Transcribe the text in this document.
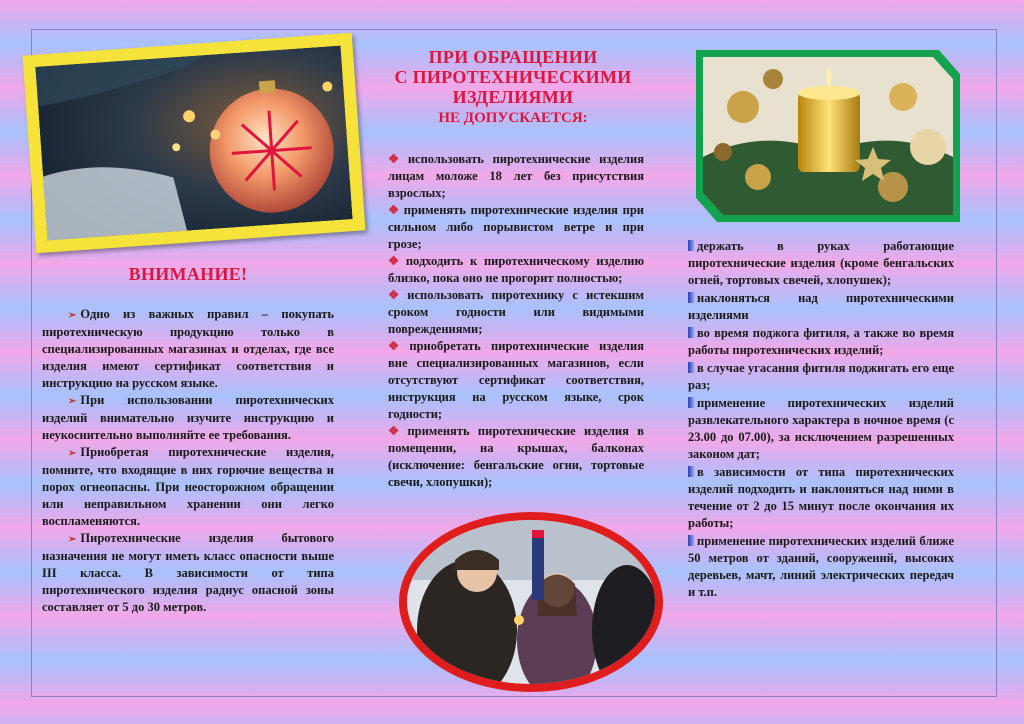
ВНИМАНИЕ!
➢ Одно из важных правил – покупать пиротехническую продукцию только в специализированных магазинах и отделах, где все изделия имеют сертификат соответствия и инструкцию на русском языке.
➢ При использовании пиротехнических изделий внимательно изучите инструкцию и неукоснительно выполняйте ее требования.
➢ Приобретая пиротехнические изделия, помните, что входящие в них горючие вещества и порох огнеопасны. При неосторожном обращении или неправильном хранении они легко воспламеняются.
➢ Пиротехнические изделия бытового назначения не могут иметь класс опасности выше III класса. В зависимости от типа пиротехнического изделия радиус опасной зоны составляет от 5 до 30 метров.
ПРИ ОБРАЩЕНИИ
С ПИРОТЕХНИЧЕСКИМИ
ИЗДЕЛИЯМИ
НЕ ДОПУСКАЕТСЯ:
❖ использовать пиротехнические изделия лицам моложе 18 лет без присутствия взрослых;
❖ применять пиротехнические изделия при сильном либо порывистом ветре и при грозе;
❖ подходить к пиротехническому изделию близко, пока оно не прогорит полностью;
❖ использовать пиротехнику с истекшим сроком годности или видимыми повреждениями;
❖ приобретать пиротехнические изделия вне специализированных магазинов, если отсутствуют сертификат соответствия, инструкция на русском языке, срок годности;
❖ применять пиротехнические изделия в помещении, на крышах, балконах (исключение: бенгальские огни, тортовые свечи, хлопушки);
держать в руках работающие пиротехнические изделия (кроме бенгальских огней, тортовых свечей, хлопушек);
наклоняться над пиротехническими изделиями
во время поджога фитиля, а также во время работы пиротехнических изделий;
в случае угасания фитиля поджигать его еще раз;
применение пиротехнических изделий развлекательного характера в ночное время (с 23.00 до 07.00), за исключением разрешенных законом дат;
в зависимости от типа пиротехнических изделий подходить и наклоняться над ними в течение от 2 до 15 минут после окончания их работы;
применение пиротехнических изделий ближе 50 метров от зданий, сооружений, высоких деревьев, мачт, линий электрических передач и т.п.
